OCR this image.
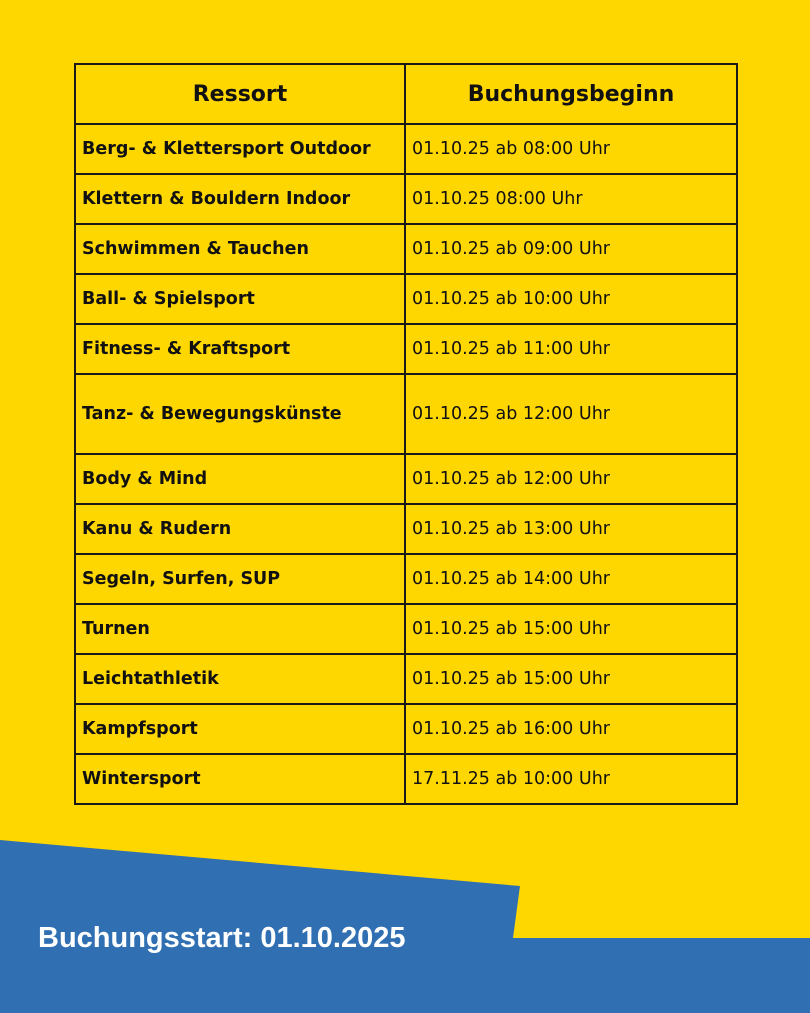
Ressort	Buchungsbeginn
Berg- & Klettersport Outdoor	01.10.25 ab 08:00 Uhr
Klettern & Bouldern Indoor	01.10.25 08:00 Uhr
Schwimmen & Tauchen	01.10.25 ab 09:00 Uhr
Ball- & Spielsport	01.10.25 ab 10:00 Uhr
Fitness- & Kraftsport	01.10.25 ab 11:00 Uhr
Tanz- & Bewegungskünste	01.10.25 ab 12:00 Uhr
Body & Mind	01.10.25 ab 12:00 Uhr
Kanu & Rudern	01.10.25 ab 13:00 Uhr
Segeln, Surfen, SUP	01.10.25 ab 14:00 Uhr
Turnen	01.10.25 ab 15:00 Uhr
Leichtathletik	01.10.25 ab 15:00 Uhr
Kampfsport	01.10.25 ab 16:00 Uhr
Wintersport	17.11.25 ab 10:00 Uhr
Buchungsstart: 01.10.2025
